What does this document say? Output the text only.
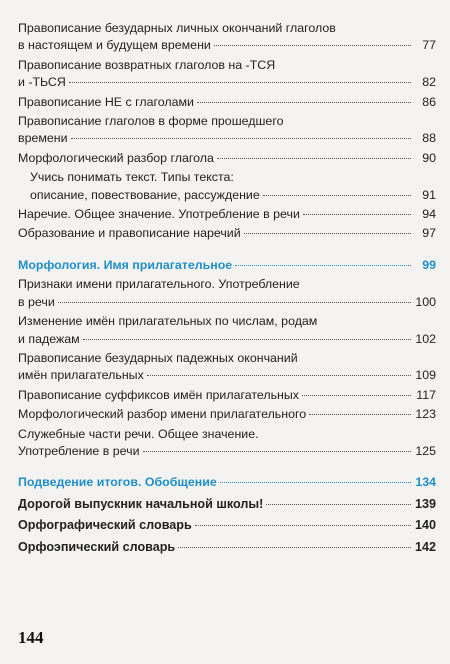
Правописание безударных личных окончаний глаголов
в настоящем и будущем времени	77
Правописание возвратных глаголов на -ТСЯ
и -ТЬСЯ	82
Правописание НЕ с глаголами	86
Правописание глаголов в форме прошедшего
времени	88
Морфологический разбор глагола	90
Учись понимать текст. Типы текста:
описание, повествование, рассуждение	91
Наречие. Общее значение. Употребление в речи	94
Образование и правописание наречий	97
Морфология. Имя прилагательное	99
Признаки имени прилагательного. Употребление
в речи	100
Изменение имён прилагательных по числам, родам
и падежам	102
Правописание безударных падежных окончаний
имён прилагательных	109
Правописание суффиксов имён прилагательных	117
Морфологический разбор имени прилагательного	123
Служебные части речи. Общее значение.
Употребление в речи	125
Подведение итогов. Обобщение	134
Дорогой выпускник начальной школы!	139
Орфографический словарь	140
Орфоэпический словарь	142
144
